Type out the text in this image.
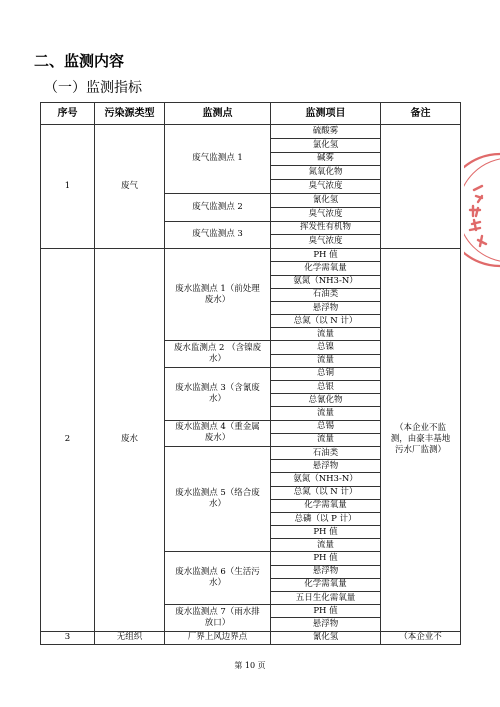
二、监测内容
（一）监测指标
序号	污染源类型	监测点	监测项目	备注
1	废气	废气监测点 1	硫酸雾	
			氯化氢	
			碱雾	
			氮氧化物	
			臭气浓度	
		废气监测点 2	氰化氢	
			臭气浓度	
		废气监测点 3	挥发性有机物	
			臭气浓度	
2	废水	废水监测点 1（前处理废水）	PH 值	（本企业不监测，由豪丰基地污水厂监测）
			化学需氧量	
			氨氮（NH3-N）	
			石油类	
			悬浮物	
			总氮（以 N 计）	
			流量	
		废水监测点 2 （含镍废水）	总镍	
			流量	
		废水监测点 3（含氰废水）	总铜	
			总银	
			总氰化物	
			流量	
		废水监测点 4（重金属废水）	总锡	
			流量	
		废水监测点 5（络合废水）	石油类	
			悬浮物	
			氨氮（NH3-N）	
			总氮（以 N 计）	
			化学需氧量	
			总磷（以 P 计）	
			PH 值	
			流量	
		废水监测点 6（生活污水）	PH 值	
			悬浮物	
			化学需氧量	
			五日生化需氧量	
		废水监测点 7（雨水排放口）	PH 值	
			悬浮物	
3	无组织	厂界上风边界点	氰化氢	（本企业不
第 10 页
